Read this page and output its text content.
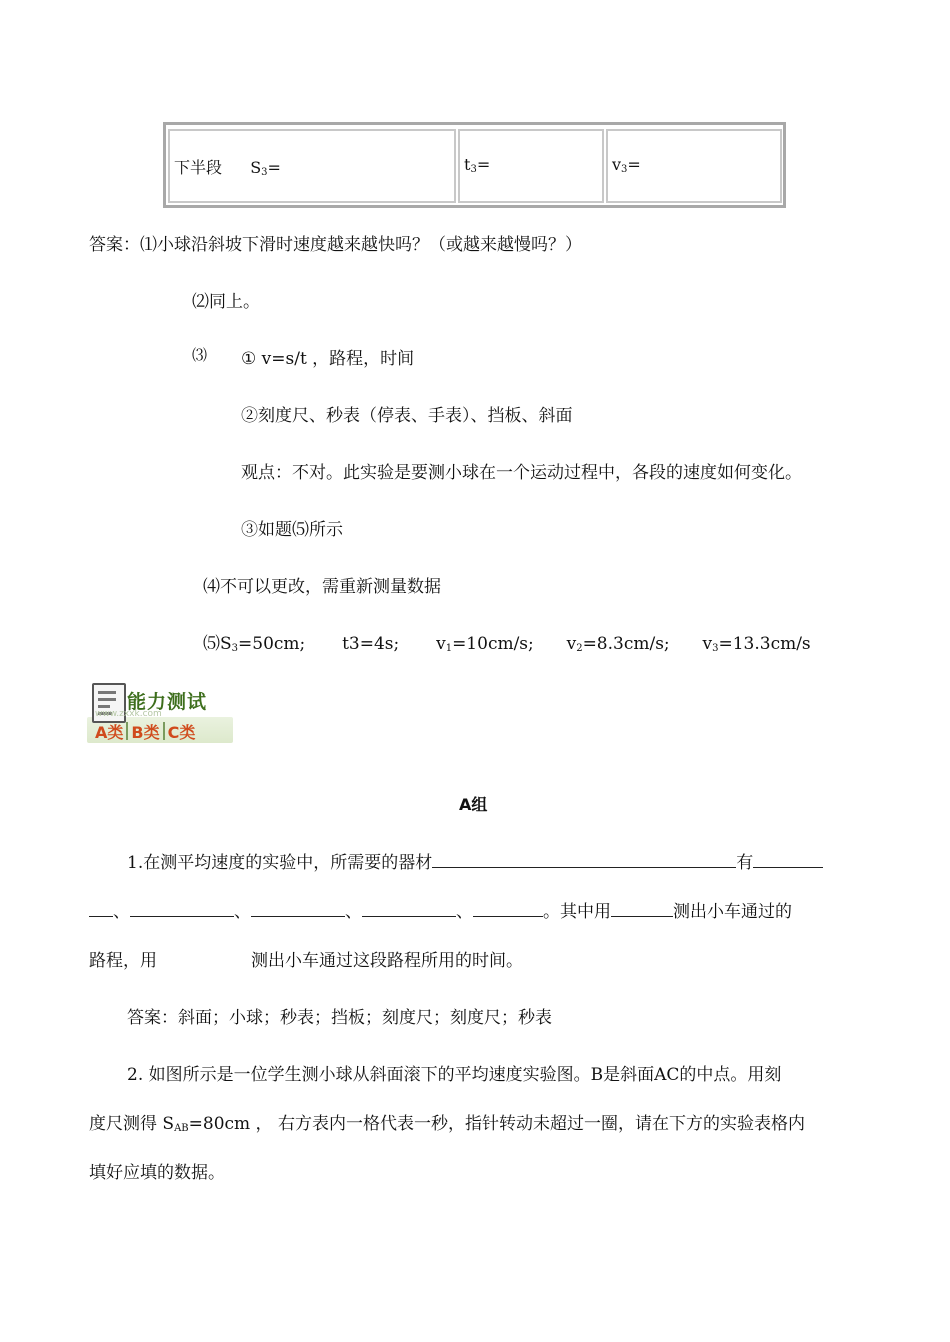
下半段 $S_3=$	$t_3=$	$v_3=$
答案：⑴小球沿斜坡下滑时速度越来越快吗？（或越来越慢吗？）
⑵同上。
⑶ ① v=s/t ，路程，时间
②刻度尺、秒表（停表、手表）、挡板、斜面
观点：不对。此实验是要测小球在一个运动过程中，各段的速度如何变化。
③如题⑸所示
⑷不可以更改，需重新测量数据
$⑸S_3=50cm$; t3=4s; $v_1=10cm/s$; $v_2=8.3cm/s$; $v_3=13.3cm/s$
能力测试
www.zxxk.com
A类 B类 C类
A组
1.在测平均速度的实验中，所需要的器材	有
、	、	、	、	。其中用	测出小车通过的
路程，用	测出小车通过这段路程所用的时间。
答案：斜面；小球；秒表；挡板；刻度尺；刻度尺；秒表
2. 如图所示是一位学生测小球从斜面滚下的平均速度实验图。B是斜面AC的中点。用刻
度尺测得 $S_{AB}=80cm$ ， 右方表内一格代表一秒，指针转动未超过一圈，请在下方的实验表格内
填好应填的数据。
